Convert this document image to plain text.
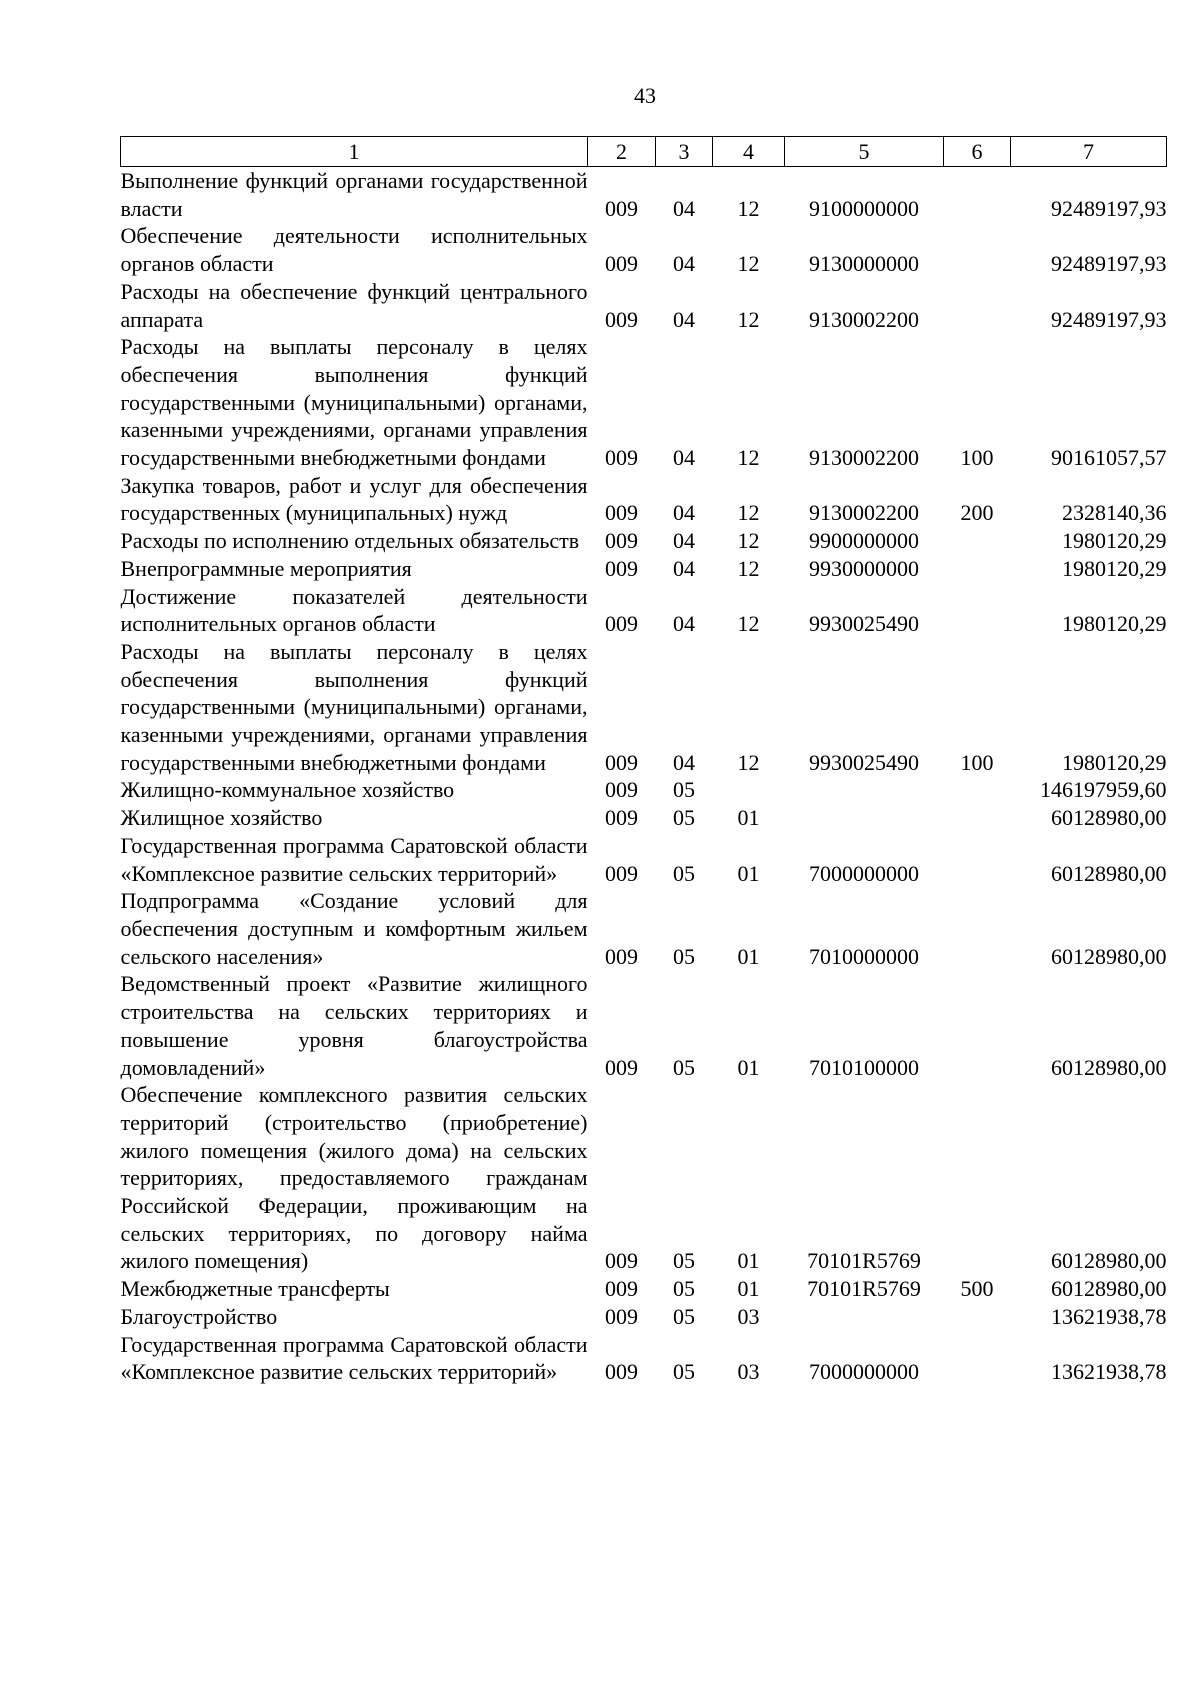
43
1	2	3	4	5	6	7
Выполнение функций органами государственной власти	009	04	12	9100000000		92489197,93
Обеспечение деятельности исполнительных органов области	009	04	12	9130000000		92489197,93
Расходы на обеспечение функций центрального аппарата	009	04	12	9130002200		92489197,93
Расходы на выплаты персоналу в целях обеспечения выполнения функций государственными (муниципальными) органами, казенными учреждениями, органами управления государственными внебюджетными фондами	009	04	12	9130002200	100	90161057,57
Закупка товаров, работ и услуг для обеспечения государственных (муниципальных) нужд	009	04	12	9130002200	200	2328140,36
Расходы по исполнению отдельных обязательств	009	04	12	9900000000		1980120,29
Внепрограммные мероприятия	009	04	12	9930000000		1980120,29
Достижение показателей деятельности исполнительных органов области	009	04	12	9930025490		1980120,29
Расходы на выплаты персоналу в целях обеспечения выполнения функций государственными (муниципальными) органами, казенными учреждениями, органами управления государственными внебюджетными фондами	009	04	12	9930025490	100	1980120,29
Жилищно-коммунальное хозяйство	009	05				146197959,60
Жилищное хозяйство	009	05	01			60128980,00
Государственная программа Саратовской области «Комплексное развитие сельских территорий»	009	05	01	7000000000		60128980,00
Подпрограмма «Создание условий для обеспечения доступным и комфортным жильем сельского населения»	009	05	01	7010000000		60128980,00
Ведомственный проект «Развитие жилищного строительства на сельских территориях и повышение уровня благоустройства домовладений»	009	05	01	7010100000		60128980,00
Обеспечение комплексного развития сельских территорий (строительство (приобретение) жилого помещения (жилого дома) на сельских территориях, предоставляемого гражданам Российской Федерации, проживающим на сельских территориях, по договору найма жилого помещения)	009	05	01	70101R5769		60128980,00
Межбюджетные трансферты	009	05	01	70101R5769	500	60128980,00
Благоустройство	009	05	03			13621938,78
Государственная программа Саратовской области «Комплексное развитие сельских территорий»	009	05	03	7000000000		13621938,78
